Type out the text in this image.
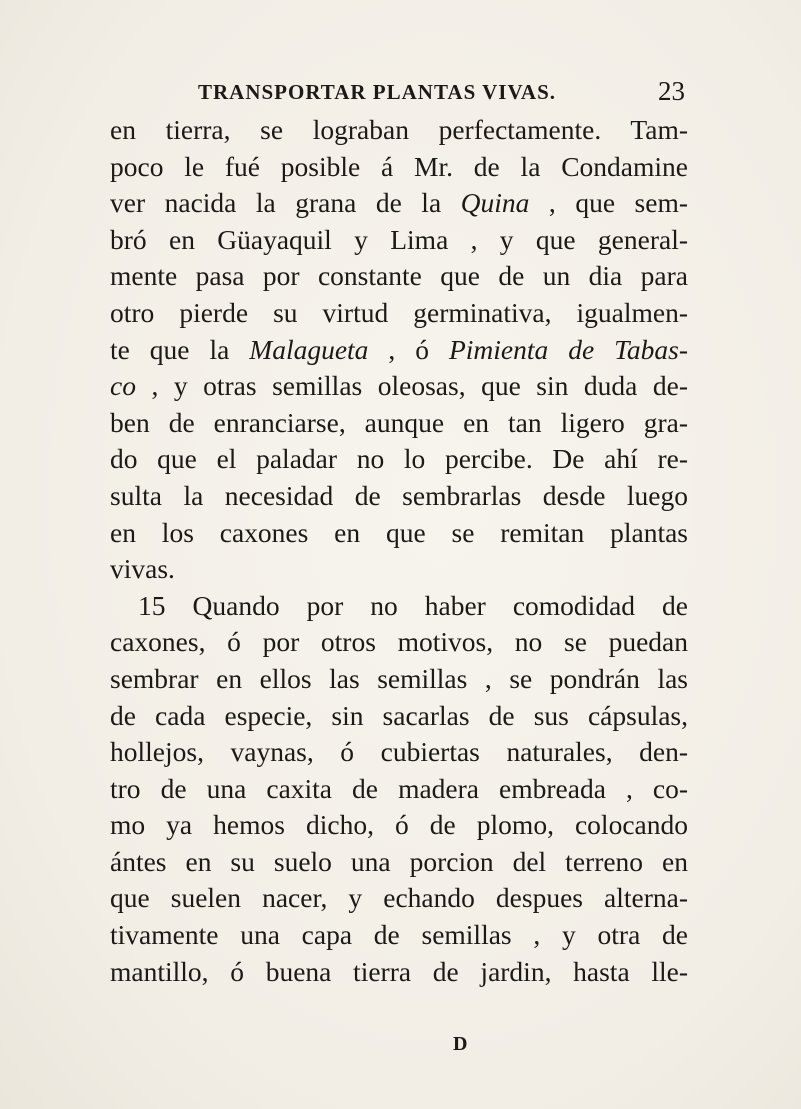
TRANSPORTAR PLANTAS VIVAS.	23
en tierra, se lograban perfectamente. Tam-
poco le fué posible á Mr. de la Condamine
ver nacida la grana de la Quina , que sem-
bró en Güayaquil y Lima , y que general-
mente pasa por constante que de un dia para
otro pierde su virtud germinativa, igualmen-
te que la Malagueta , ó Pimienta de Tabas-
co , y otras semillas oleosas, que sin duda de-
ben de enranciarse, aunque en tan ligero gra-
do que el paladar no lo percibe. De ahí re-
sulta la necesidad de sembrarlas desde luego
en los caxones en que se remitan plantas
vivas.
15 Quando por no haber comodidad de
caxones, ó por otros motivos, no se puedan
sembrar en ellos las semillas , se pondrán las
de cada especie, sin sacarlas de sus cápsulas,
hollejos, vaynas, ó cubiertas naturales, den-
tro de una caxita de madera embreada , co-
mo ya hemos dicho, ó de plomo, colocando
ántes en su suelo una porcion del terreno en
que suelen nacer, y echando despues alterna-
tivamente una capa de semillas , y otra de
mantillo, ó buena tierra de jardin, hasta lle-
D
